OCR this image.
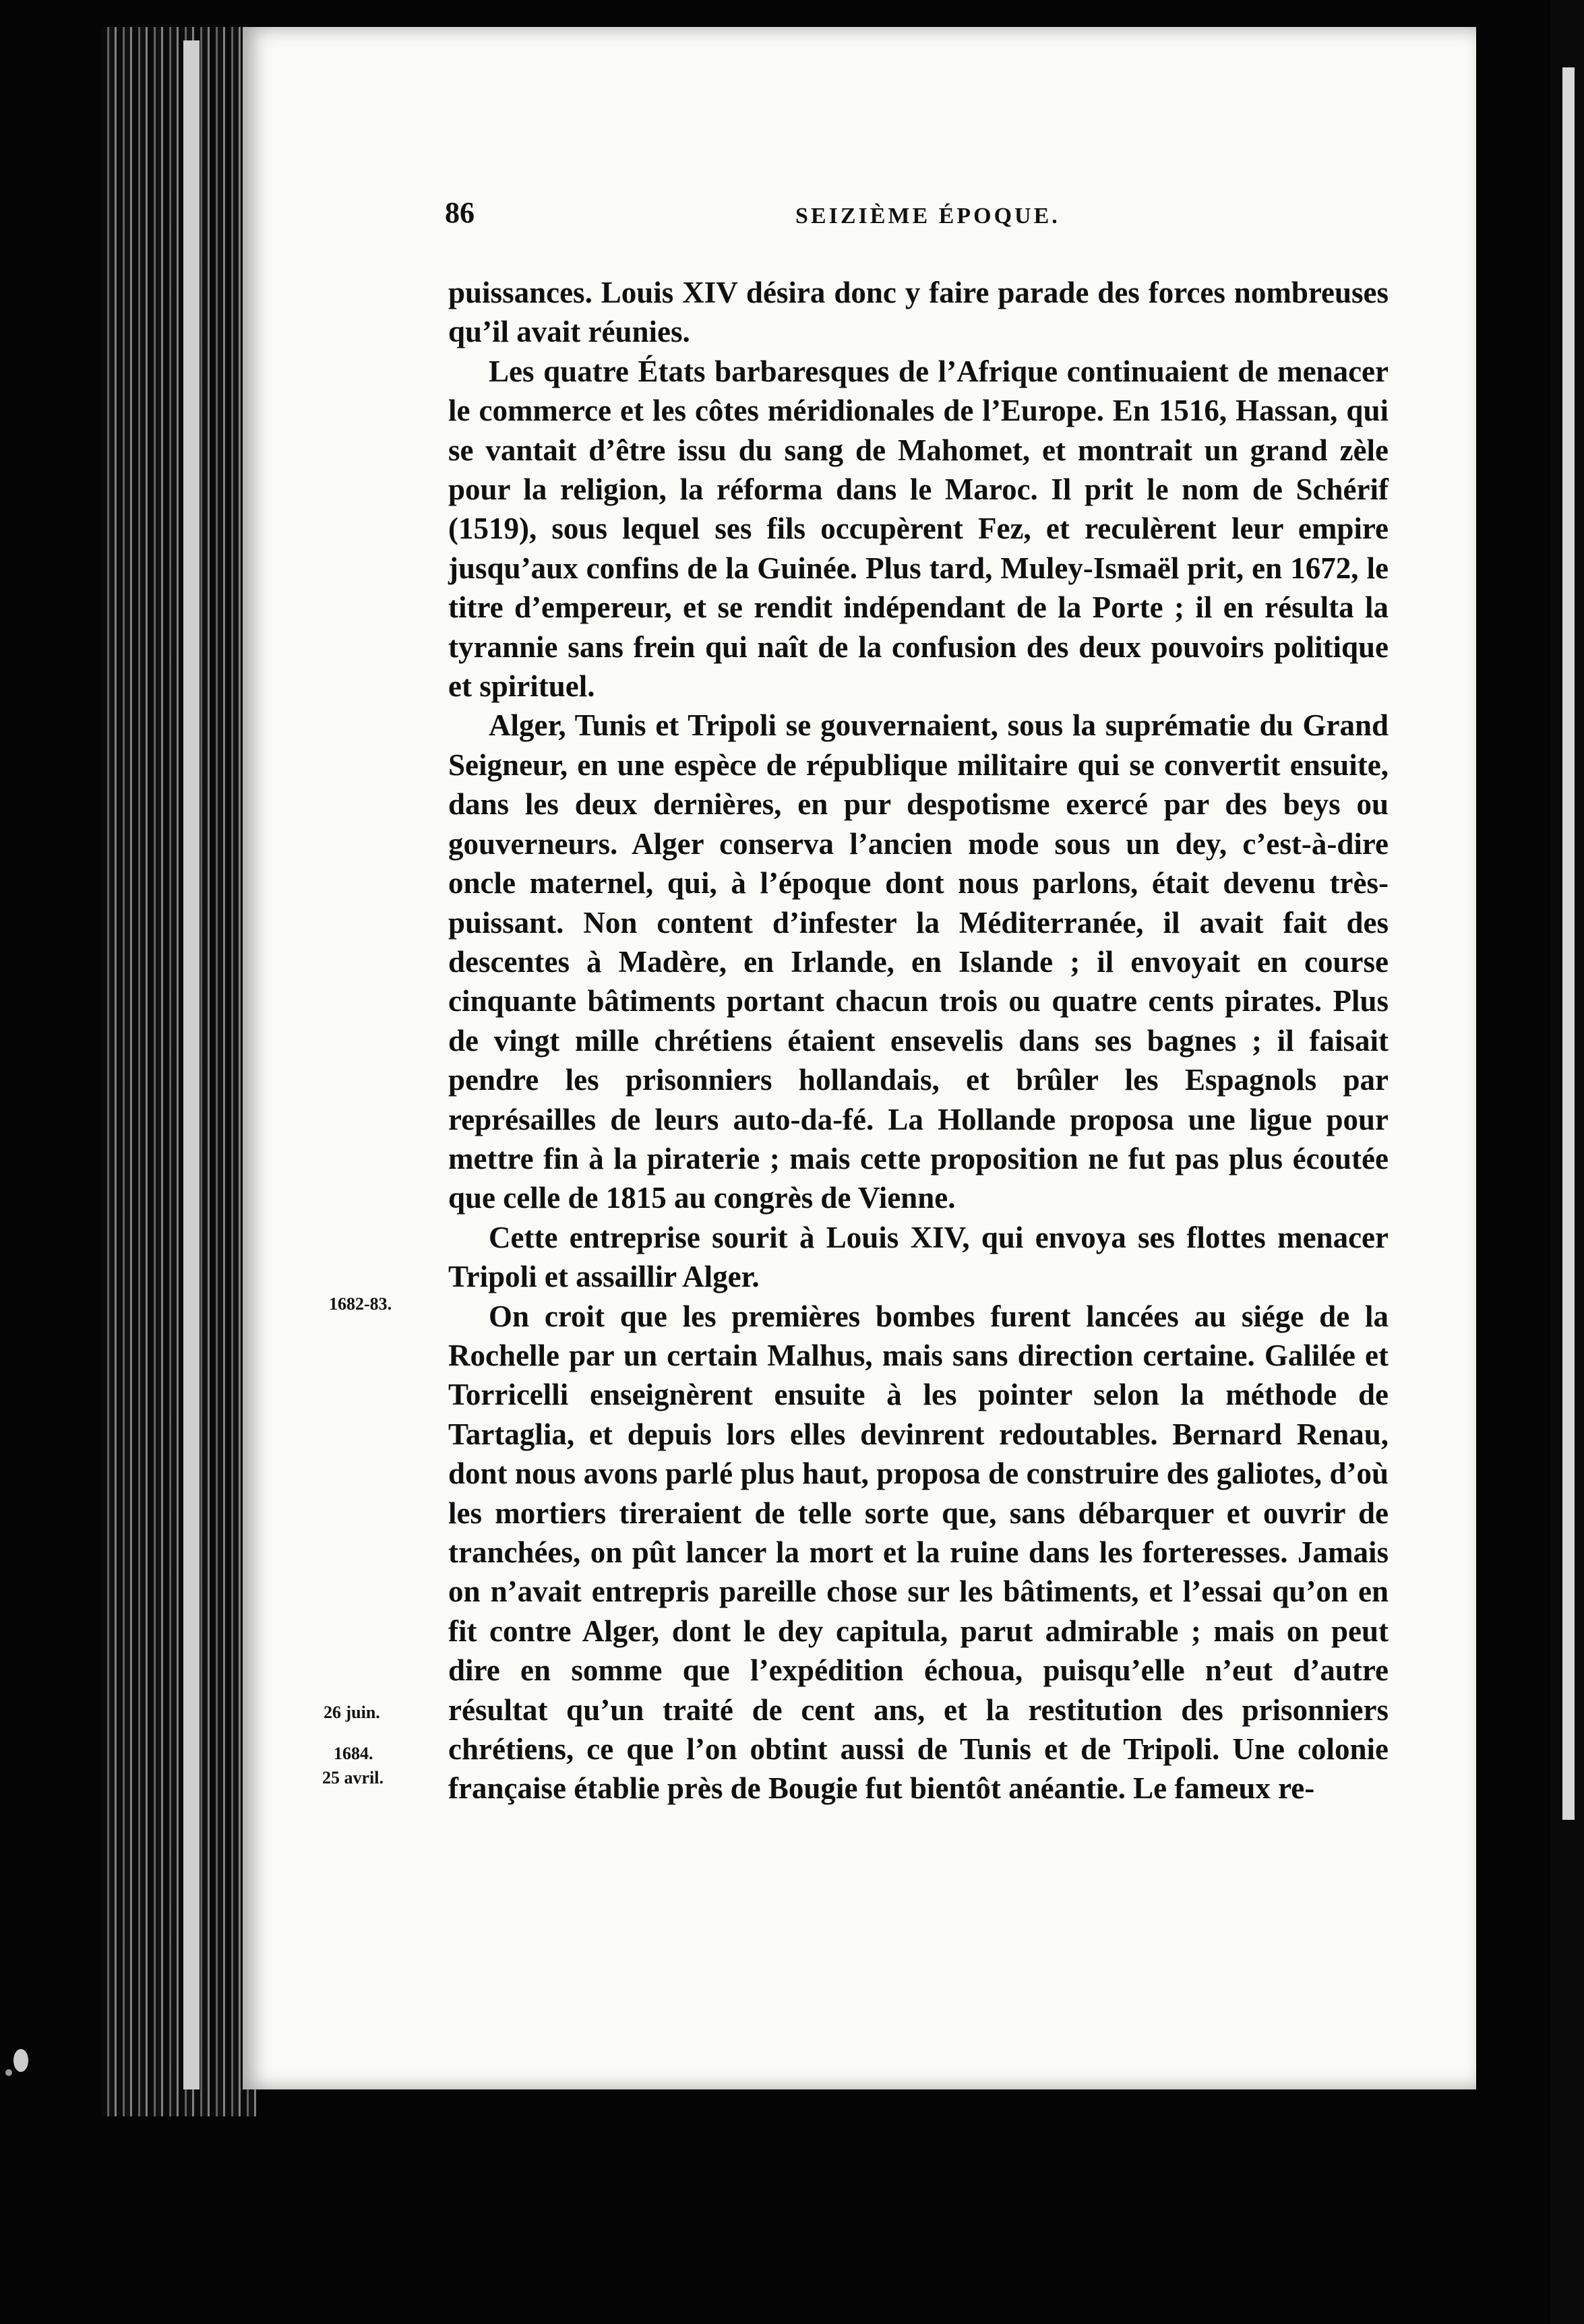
86	SEIZIÈME ÉPOQUE.

puissances. Louis XIV désira donc y faire parade des forces nombreuses qu’il avait réunies.

Les quatre États barbaresques de l’Afrique continuaient de menacer le commerce et les côtes méridionales de l’Europe. En 1516, Hassan, qui se vantait d’être issu du sang de Mahomet, et montrait un grand zèle pour la religion, la réforma dans le Maroc. Il prit le nom de Schérif (1519), sous lequel ses fils occupèrent Fez, et reculèrent leur empire jusqu’aux confins de la Guinée. Plus tard, Muley-Ismaël prit, en 1672, le titre d’empereur, et se rendit indépendant de la Porte ; il en résulta la tyrannie sans frein qui naît de la confusion des deux pouvoirs politique et spirituel.

Alger, Tunis et Tripoli se gouvernaient, sous la suprématie du Grand Seigneur, en une espèce de république militaire qui se convertit ensuite, dans les deux dernières, en pur despotisme exercé par des beys ou gouverneurs. Alger conserva l’ancien mode sous un dey, c’est-à-dire oncle maternel, qui, à l’époque dont nous parlons, était devenu très-puissant. Non content d’infester la Méditerranée, il avait fait des descentes à Madère, en Irlande, en Islande ; il envoyait en course cinquante bâtiments portant chacun trois ou quatre cents pirates. Plus de vingt mille chrétiens étaient ensevelis dans ses bagnes ; il faisait pendre les prisonniers hollandais, et brûler les Espagnols par représailles de leurs auto-da-fé. La Hollande proposa une ligue pour mettre fin à la piraterie ; mais cette proposition ne fut pas plus écoutée que celle de 1815 au congrès de Vienne.

Cette entreprise sourit à Louis XIV, qui envoya ses flottes menacer Tripoli et assaillir Alger.

On croit que les premières bombes furent lancées au siége de la Rochelle par un certain Malhus, mais sans direction certaine. Galilée et Torricelli enseignèrent ensuite à les pointer selon la méthode de Tartaglia, et depuis lors elles devinrent redoutables. Bernard Renau, dont nous avons parlé plus haut, proposa de construire des galiotes, d’où les mortiers tireraient de telle sorte que, sans débarquer et ouvrir de tranchées, on pût lancer la mort et la ruine dans les forteresses. Jamais on n’avait entrepris pareille chose sur les bâtiments, et l’essai qu’on en fit contre Alger, dont le dey capitula, parut admirable ; mais on peut dire en somme que l’expédition échoua, puisqu’elle n’eut d’autre résultat qu’un traité de cent ans, et la restitution des prisonniers chrétiens, ce que l’on obtint aussi de Tunis et de Tripoli. Une colonie française établie près de Bougie fut bientôt anéantie. Le fameux re-

1682-83.
26 juin.
1684.
25 avril.
